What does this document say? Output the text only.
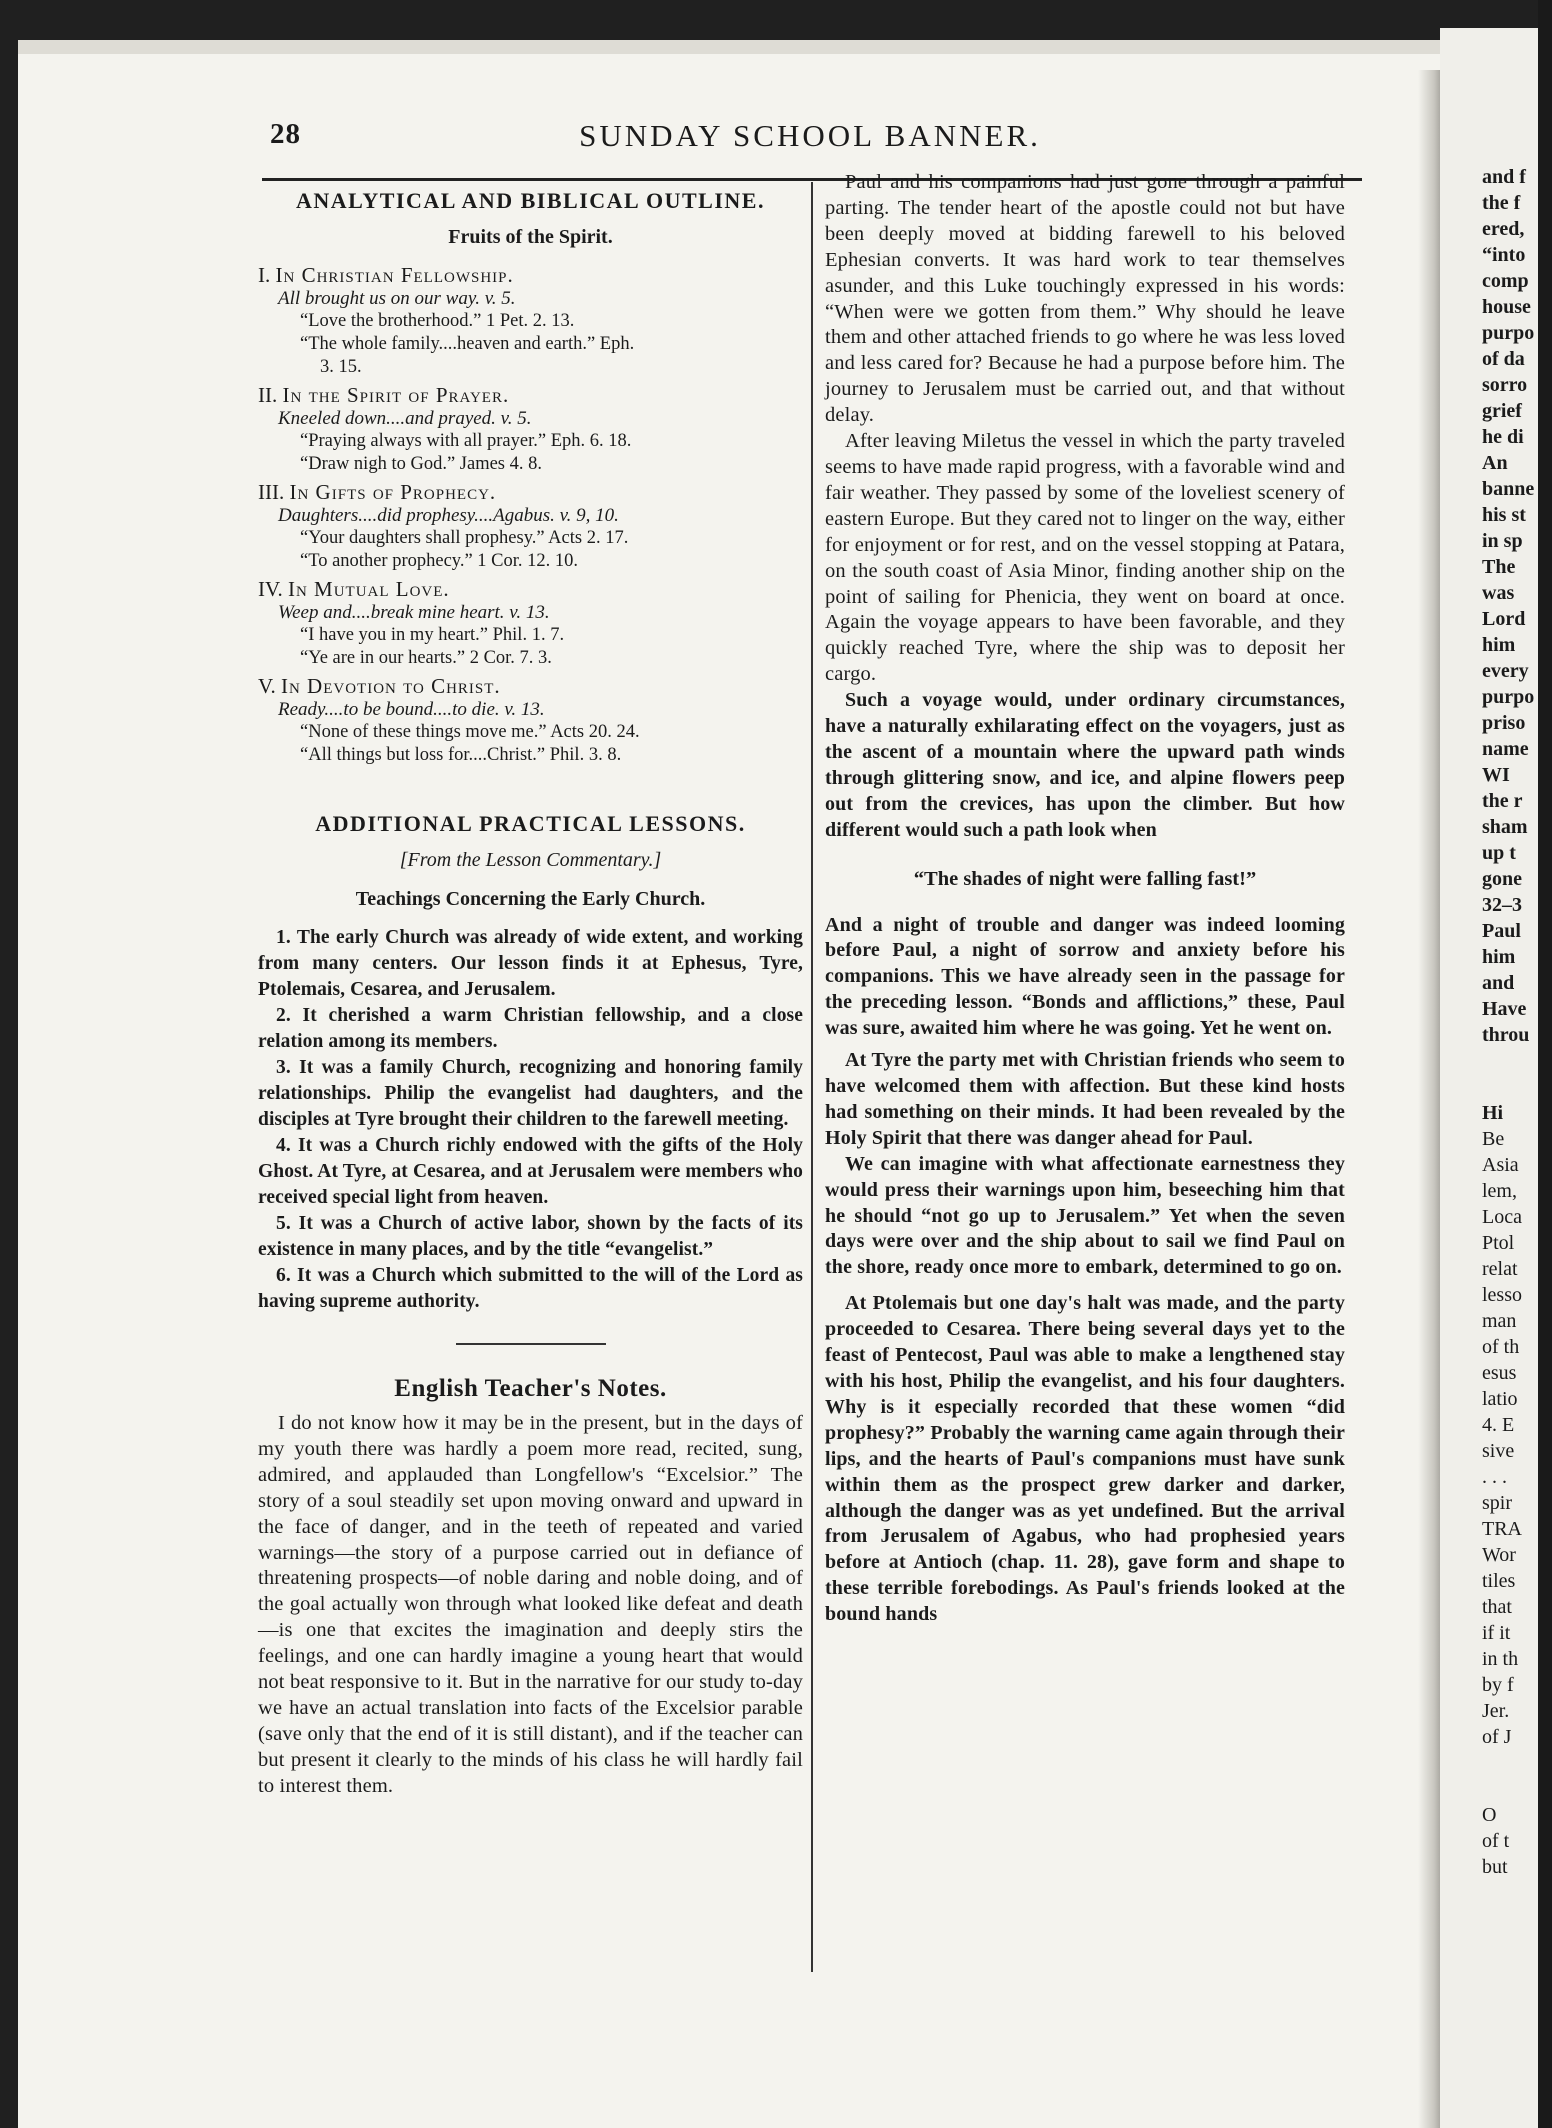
28	SUNDAY SCHOOL BANNER.
ANALYTICAL AND BIBLICAL OUTLINE.
Fruits of the Spirit.
I. In Christian Fellowship.
All brought us on our way. v. 5.
“Love the brotherhood.” 1 Pet. 2. 13.
“The whole family....heaven and earth.” Eph.
3. 15.
II. In the Spirit of Prayer.
Kneeled down....and prayed. v. 5.
“Praying always with all prayer.” Eph. 6. 18.
“Draw nigh to God.” James 4. 8.
III. In Gifts of Prophecy.
Daughters....did prophesy....Agabus. v. 9, 10.
“Your daughters shall prophesy.” Acts 2. 17.
“To another prophecy.” 1 Cor. 12. 10.
IV. In Mutual Love.
Weep and....break mine heart. v. 13.
“I have you in my heart.” Phil. 1. 7.
“Ye are in our hearts.” 2 Cor. 7. 3.
V. In Devotion to Christ.
Ready....to be bound....to die. v. 13.
“None of these things move me.” Acts 20. 24.
“All things but loss for....Christ.” Phil. 3. 8.
ADDITIONAL PRACTICAL LESSONS.
[From the Lesson Commentary.]
Teachings Concerning the Early Church.
1. The early Church was already of wide extent, and working from many centers. Our lesson finds it at Ephesus, Tyre, Ptolemais, Cesarea, and Jerusalem.
2. It cherished a warm Christian fellowship, and a close relation among its members.
3. It was a family Church, recognizing and honoring family relationships. Philip the evangelist had daughters, and the disciples at Tyre brought their children to the farewell meeting.
4. It was a Church richly endowed with the gifts of the Holy Ghost. At Tyre, at Cesarea, and at Jerusalem were members who received special light from heaven.
5. It was a Church of active labor, shown by the facts of its existence in many places, and by the title “evangelist.”
6. It was a Church which submitted to the will of the Lord as having supreme authority.
English Teacher's Notes.
I do not know how it may be in the present, but in the days of my youth there was hardly a poem more read, recited, sung, admired, and applauded than Longfellow's “Excelsior.” The story of a soul steadily set upon moving onward and upward in the face of danger, and in the teeth of repeated and varied warnings—the story of a purpose carried out in defiance of threatening prospects—of noble daring and noble doing, and of the goal actually won through what looked like defeat and death—is one that excites the imagination and deeply stirs the feelings, and one can hardly imagine a young heart that would not beat responsive to it. But in the narrative for our study to-day we have an actual translation into facts of the Excelsior parable (save only that the end of it is still distant), and if the teacher can but present it clearly to the minds of his class he will hardly fail to interest them.
Paul and his companions had just gone through a painful parting. The tender heart of the apostle could not but have been deeply moved at bidding farewell to his beloved Ephesian converts. It was hard work to tear themselves asunder, and this Luke touchingly expressed in his words: “When were we gotten from them.” Why should he leave them and other attached friends to go where he was less loved and less cared for? Because he had a purpose before him. The journey to Jerusalem must be carried out, and that without delay.
After leaving Miletus the vessel in which the party traveled seems to have made rapid progress, with a favorable wind and fair weather. They passed by some of the loveliest scenery of eastern Europe. But they cared not to linger on the way, either for enjoyment or for rest, and on the vessel stopping at Patara, on the south coast of Asia Minor, finding another ship on the point of sailing for Phenicia, they went on board at once. Again the voyage appears to have been favorable, and they quickly reached Tyre, where the ship was to deposit her cargo.
Such a voyage would, under ordinary circumstances, have a naturally exhilarating effect on the voyagers, just as the ascent of a mountain where the upward path winds through glittering snow, and ice, and alpine flowers peep out from the crevices, has upon the climber. But how different would such a path look when
“The shades of night were falling fast!”
And a night of trouble and danger was indeed looming before Paul, a night of sorrow and anxiety before his companions. This we have already seen in the passage for the preceding lesson. “Bonds and afflictions,” these, Paul was sure, awaited him where he was going. Yet he went on.
At Tyre the party met with Christian friends who seem to have welcomed them with affection. But these kind hosts had something on their minds. It had been revealed by the Holy Spirit that there was danger ahead for Paul.
We can imagine with what affectionate earnestness they would press their warnings upon him, beseeching him that he should “not go up to Jerusalem.” Yet when the seven days were over and the ship about to sail we find Paul on the shore, ready once more to embark, determined to go on.
At Ptolemais but one day's halt was made, and the party proceeded to Cesarea. There being several days yet to the feast of Pentecost, Paul was able to make a lengthened stay with his host, Philip the evangelist, and his four daughters. Why is it especially recorded that these women “did prophesy?” Probably the warning came again through their lips, and the hearts of Paul's companions must have sunk within them as the prospect grew darker and darker, although the danger was as yet undefined. But the arrival from Jerusalem of Agabus, who had prophesied years before at Antioch (chap. 11. 28), gave form and shape to these terrible forebodings. As Paul's friends looked at the bound hands
and f
the f
ered,
“into
comp
house
purpo
of da
sorro
grief
he di
An
banne
his st
in sp
The
was
Lord
him
every
purpo
priso
name
WI
the r
sham
up t
gone
32–3
Paul
him
and
Have
throu
Hi
Be
Asia
lem,
Loca
Ptol
relat
lesso
man
of th
esus
latio
4. E
sive
. . .
spir
TRA
Wor
tiles
that
if it
in th
by f
Jer.
of J
O
of t
but
